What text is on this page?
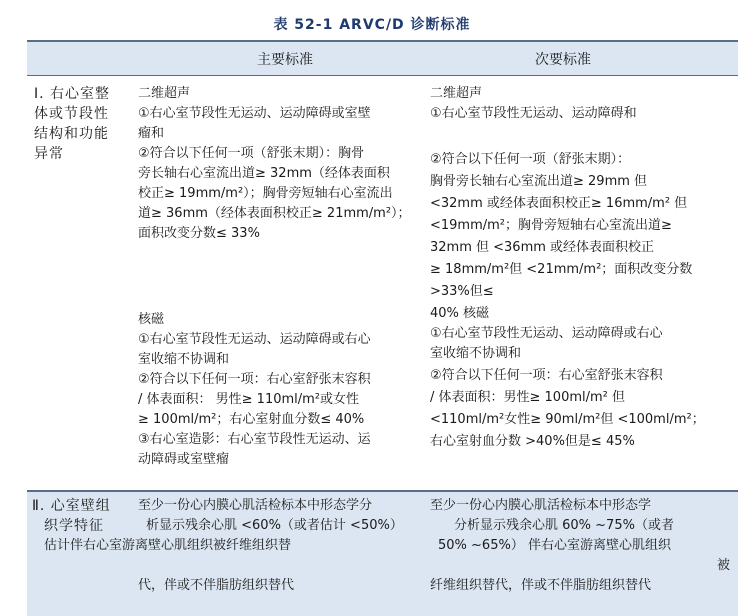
表 52-1 ARVC/D 诊断标准
主要标准	次要标准
Ⅰ. 右心室整
体或节段性
结构和功能
异常
二维超声
①右心室节段性无运动、运动障碍或室壁
瘤和
②符合以下任何一项（舒张末期）：胸骨
旁长轴右心室流出道≥ 32mm（经体表面积
校正≥ 19mm/m²）；胸骨旁短轴右心室流出
道≥ 36mm（经体表面积校正≥ 21mm/m²）；
面积改变分数≤ 33%
核磁
①右心室节段性无运动、运动障碍或右心
室收缩不协调和
②符合以下任何一项：右心室舒张末容积
/ 体表面积： 男性≥ 110ml/m²或女性
≥ 100ml/m²；右心室射血分数≤ 40%
③右心室造影：右心室节段性无运动、运
动障碍或室壁瘤
二维超声
①右心室节段性无运动、运动障碍和
②符合以下任何一项（舒张末期）：
胸骨旁长轴右心室流出道≥ 29mm 但
<32mm 或经体表面积校正≥ 16mm/m² 但
<19mm/m²；胸骨旁短轴右心室流出道≥
32mm 但 <36mm 或经体表面积校正
≥ 18mm/m²但 <21mm/m²；面积改变分数
>33%但≤
40% 核磁
①右心室节段性无运动、运动障碍或右心
室收缩不协调和
②符合以下任何一项：右心室舒张末容积
/ 体表面积：男性≥ 100ml/m² 但
<110ml/m²女性≥ 90ml/m²但 <100ml/m²；
右心室射血分数 >40%但是≤ 45%
Ⅱ. 心室壁组
织学特征
估计伴右心室游离壁心肌组织被纤维组织替
至少一份心内膜心肌活检标本中形态学分
析显示残余心肌 <60%（或者估计 <50%）
代，伴或不伴脂肪组织替代
至少一份心内膜心肌活检标本中形态学
分析显示残余心肌 60% ~75%（或者
50% ~65%） 伴右心室游离壁心肌组织
被
纤维组织替代，伴或不伴脂肪组织替代
